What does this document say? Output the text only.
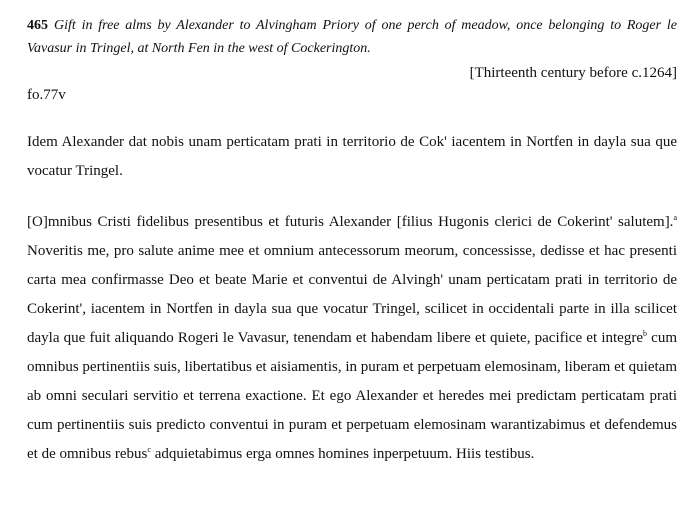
465 Gift in free alms by Alexander to Alvingham Priory of one perch of meadow, once belonging to Roger le Vavasur in Tringel, at North Fen in the west of Cockerington.

[Thirteenth century before c.1264]

fo.77v

Idem Alexander dat nobis unam perticatam prati in territorio de Cok' iacentem in Nortfen in dayla sua que vocatur Tringel.

[O]mnibus Cristi fidelibus presentibus et futuris Alexander [filius Hugonis clerici de Cokerint' salutem].$^a$ Noveritis me, pro salute anime mee et omnium antecessorum meorum, concessisse, dedisse et hac presenti carta mea confirmasse Deo et beate Marie et conventui de Alvingh' unam perticatam prati in territorio de Cokerint', iacentem in Nortfen in dayla sua que vocatur Tringel, scilicet in occidentali parte in illa scilicet dayla que fuit aliquando Rogeri le Vavasur, tenendam et habendam libere et quiete, pacifice et integre$^b$ cum omnibus pertinentiis suis, libertatibus et aisiamentis, in puram et perpetuam elemosinam, liberam et quietam ab omni seculari servitio et terrena exactione. Et ego Alexander et heredes mei predictam perticatam prati cum pertinentiis suis predicto conventui in puram et perpetuam elemosinam warantizabimus et defendemus et de omnibus rebus$^c$ adquietabimus erga omnes homines inperpetuum. Hiis testibus.
